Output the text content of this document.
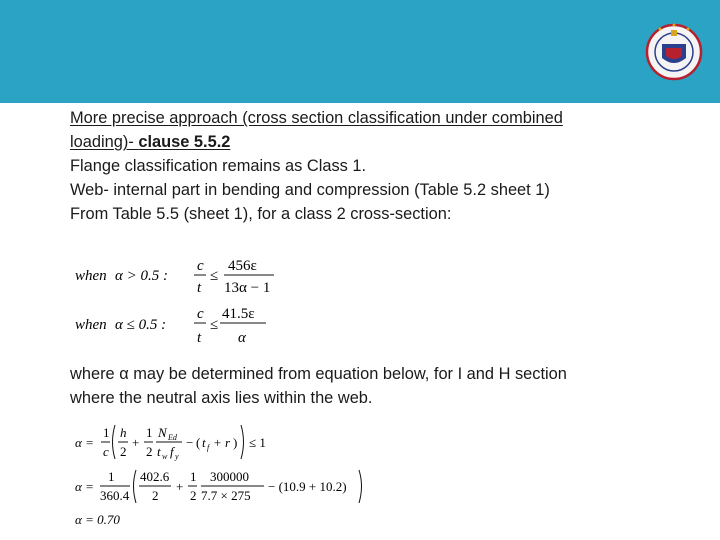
More precise approach (cross section classification under combined
loading)- clause 5.5.2
Flange classification remains as Class 1.
Web- internal part in bending and compression (Table 5.2 sheet 1)
From Table 5.5 (sheet 1), for a class 2 cross-section:
when α > 0.5 :
c
t
≤
456ε
13α − 1
when α ≤ 0.5 :
c
t
≤
41.5ε
α
where α may be determined from equation below, for I and H section
where the neutral axis lies within the web.
α =
1
c
h
2
+
1
2
N Ed
t w f y
− ( t f + r ) ≤ 1
α =
1
360.4
402.6
2
+
1
2
300000
7.7 × 275
− (10.9 + 10.2)
α = 0.70
